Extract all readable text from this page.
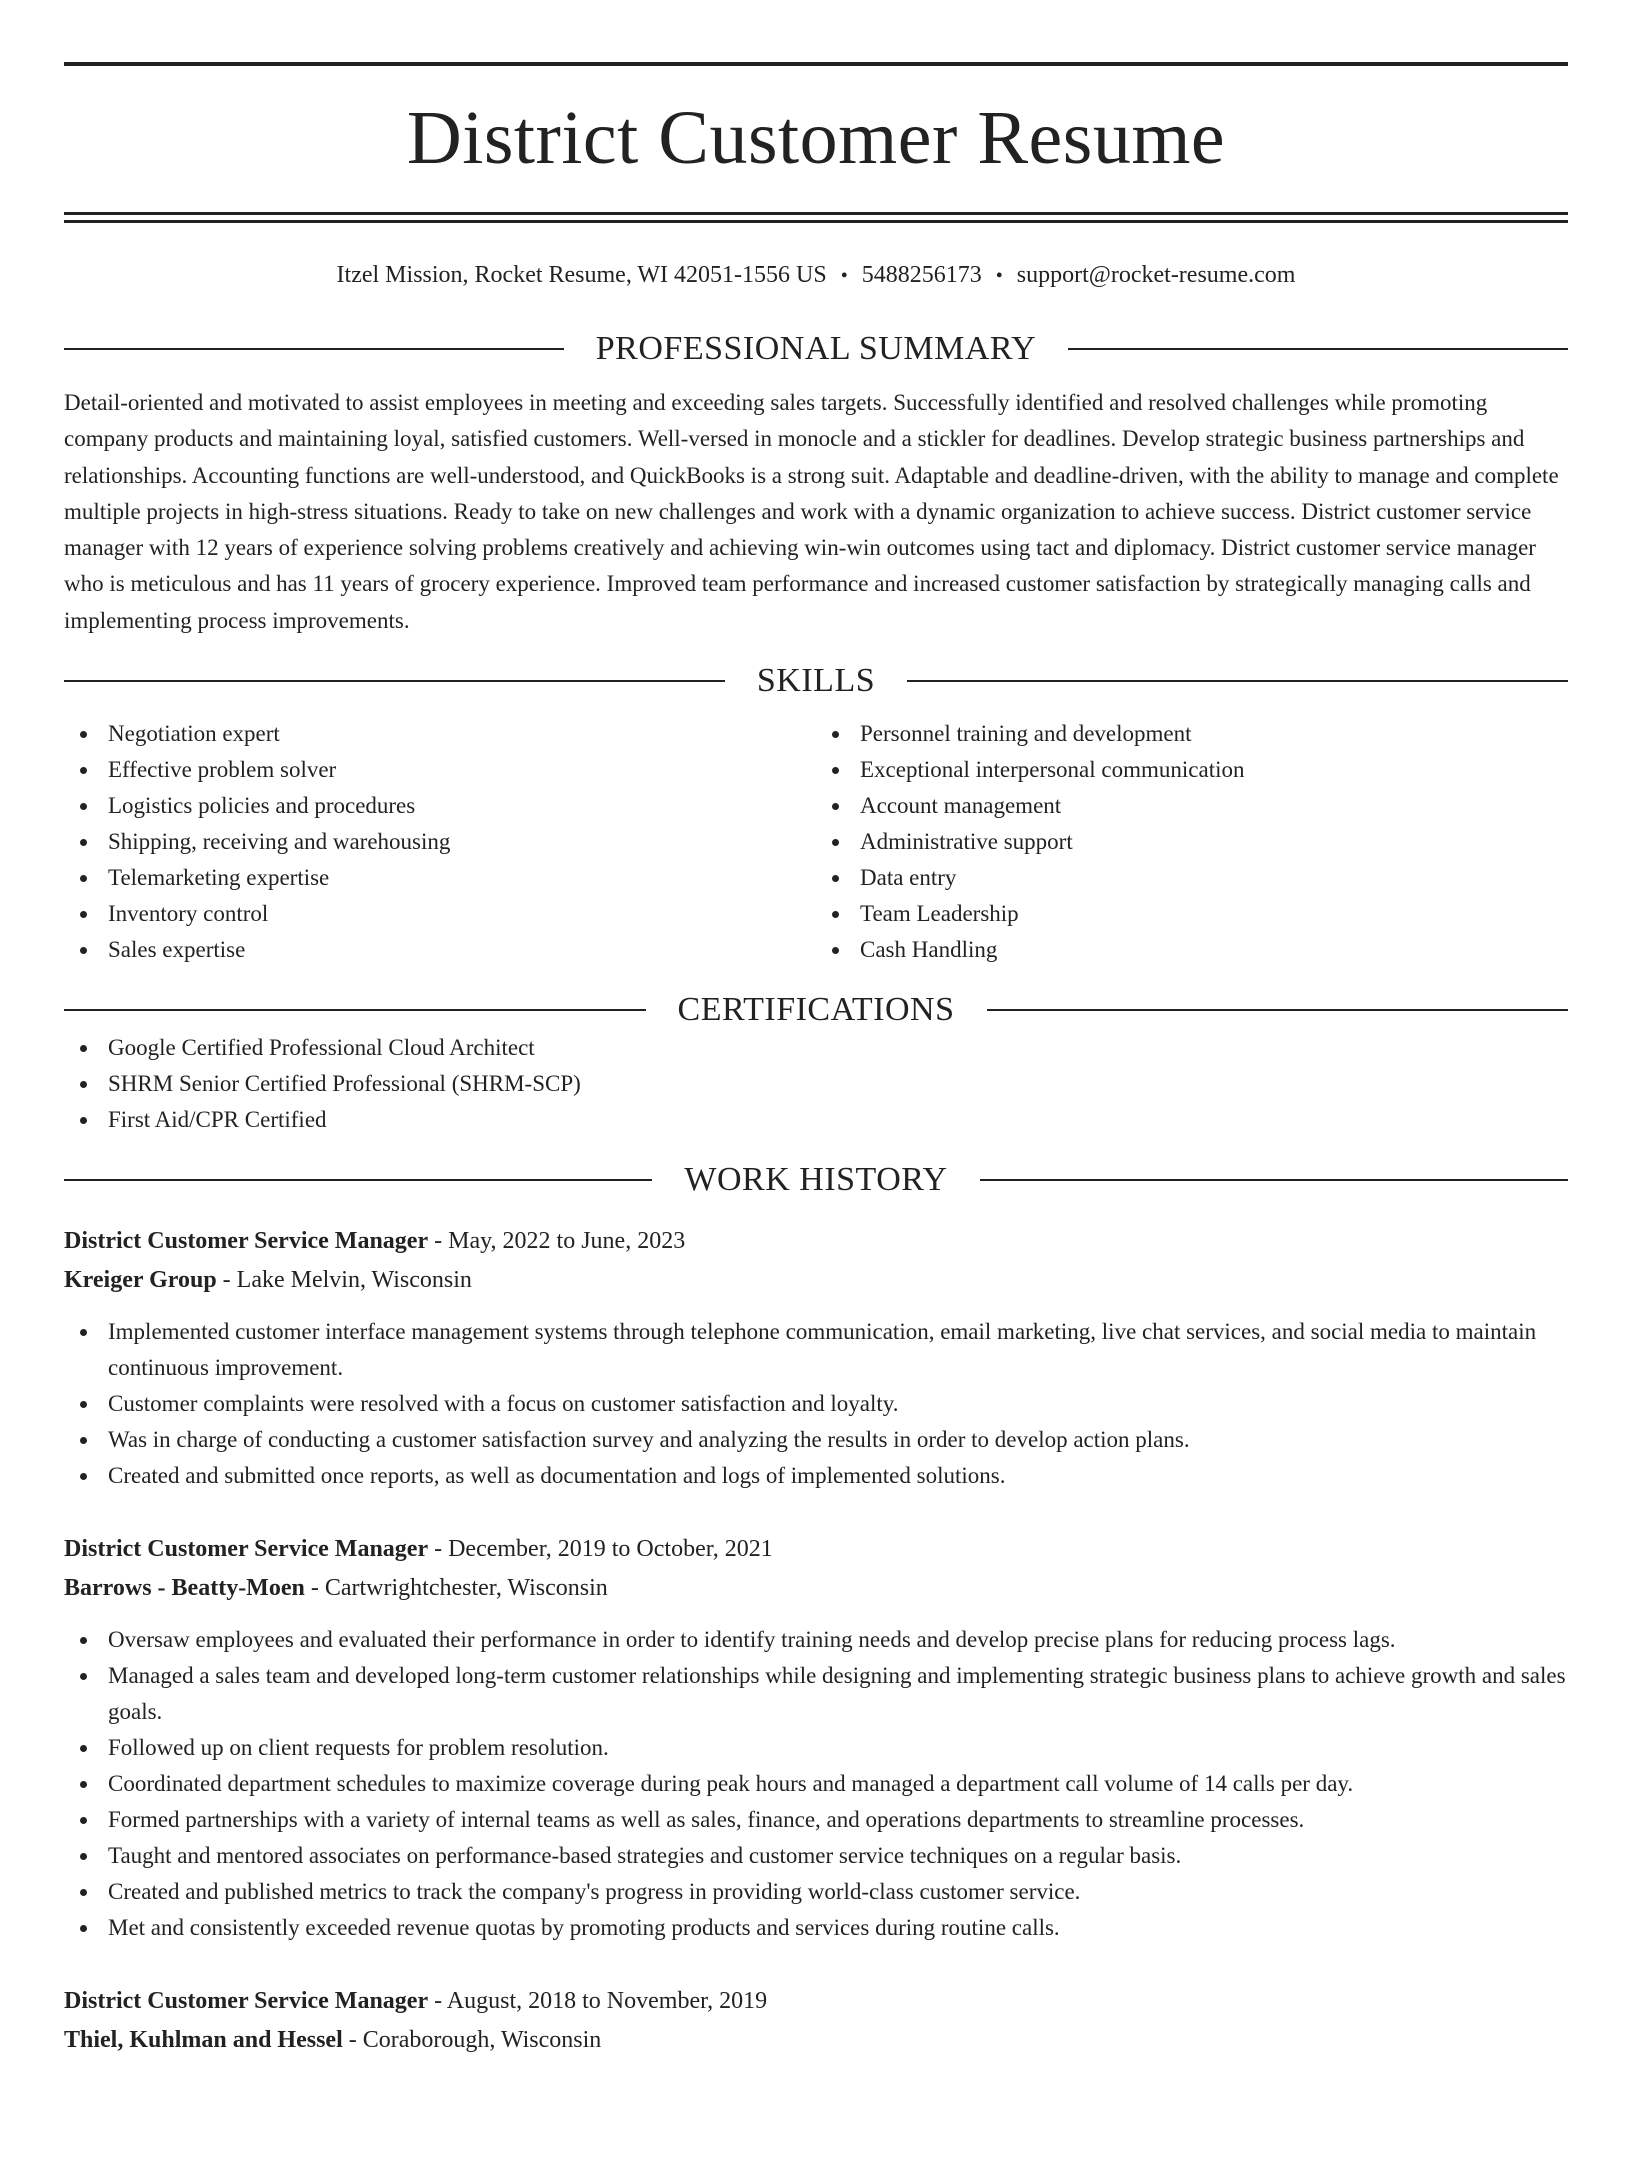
District Customer Resume
Itzel Mission, Rocket Resume, WI 42051-1556 US • 5488256173 • support@rocket-resume.com
PROFESSIONAL SUMMARY

Detail-oriented and motivated to assist employees in meeting and exceeding sales targets. Successfully identified and resolved challenges while promoting company products and maintaining loyal, satisfied customers. Well-versed in monocle and a stickler for deadlines. Develop strategic business partnerships and relationships. Accounting functions are well-understood, and QuickBooks is a strong suit. Adaptable and deadline-driven, with the ability to manage and complete multiple projects in high-stress situations. Ready to take on new challenges and work with a dynamic organization to achieve success. District customer service manager with 12 years of experience solving problems creatively and achieving win-win outcomes using tact and diplomacy. District customer service manager who is meticulous and has 11 years of grocery experience. Improved team performance and increased customer satisfaction by strategically managing calls and implementing process improvements.

SKILLS
Negotiation expert
Effective problem solver
Logistics policies and procedures
Shipping, receiving and warehousing
Telemarketing expertise
Inventory control
Sales expertise
Personnel training and development
Exceptional interpersonal communication
Account management
Administrative support
Data entry
Team Leadership
Cash Handling
CERTIFICATIONS
Google Certified Professional Cloud Architect
SHRM Senior Certified Professional (SHRM-SCP)
First Aid/CPR Certified
WORK HISTORY
District Customer Service Manager - May, 2022 to June, 2023
Kreiger Group - Lake Melvin, Wisconsin
Implemented customer interface management systems through telephone communication, email marketing, live chat services, and social media to maintain continuous improvement.
Customer complaints were resolved with a focus on customer satisfaction and loyalty.
Was in charge of conducting a customer satisfaction survey and analyzing the results in order to develop action plans.
Created and submitted once reports, as well as documentation and logs of implemented solutions.
District Customer Service Manager - December, 2019 to October, 2021
Barrows - Beatty-Moen - Cartwrightchester, Wisconsin
Oversaw employees and evaluated their performance in order to identify training needs and develop precise plans for reducing process lags.
Managed a sales team and developed long-term customer relationships while designing and implementing strategic business plans to achieve growth and sales goals.
Followed up on client requests for problem resolution.
Coordinated department schedules to maximize coverage during peak hours and managed a department call volume of 14 calls per day.
Formed partnerships with a variety of internal teams as well as sales, finance, and operations departments to streamline processes.
Taught and mentored associates on performance-based strategies and customer service techniques on a regular basis.
Created and published metrics to track the company's progress in providing world-class customer service.
Met and consistently exceeded revenue quotas by promoting products and services during routine calls.
District Customer Service Manager - August, 2018 to November, 2019
Thiel, Kuhlman and Hessel - Coraborough, Wisconsin
